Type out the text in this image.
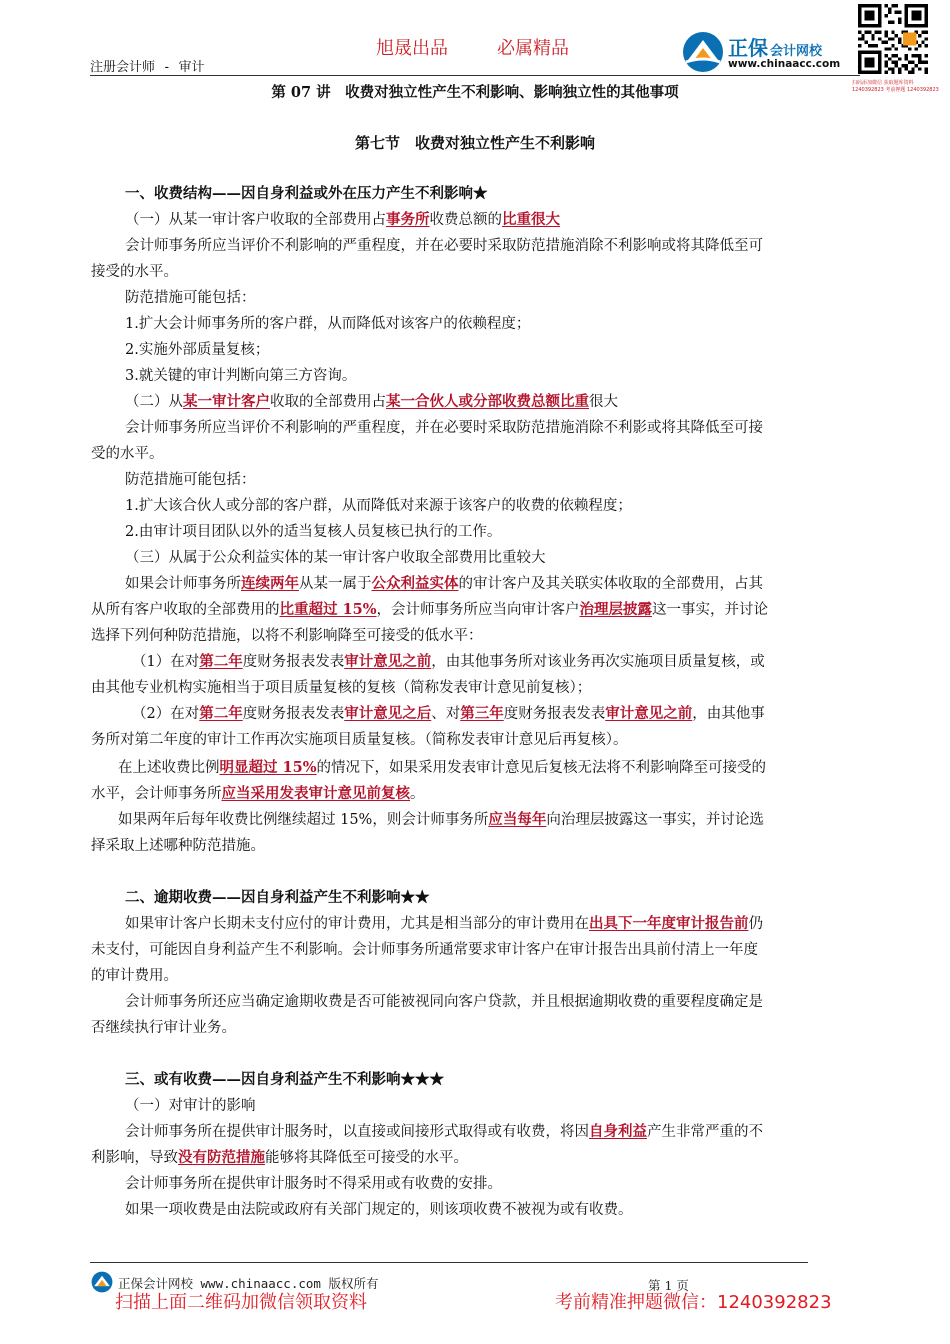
旭晟出品	必属精品
注册会计师 - 审计
正保 会计网校
www.chinaacc.com
扫码添加微信 获取题库资料 1240392823 考前押题 1240392823
第 07 讲　收费对独立性产生不利影响、影响独立性的其他事项
第七节　收费对独立性产生不利影响
一、收费结构——因自身利益或外在压力产生不利影响★
（一）从某一审计客户收取的全部费用占事务所收费总额的比重很大
会计师事务所应当评价不利影响的严重程度，并在必要时采取防范措施消除不利影响或将其降低至可
接受的水平。
防范措施可能包括：
1.扩大会计师事务所的客户群，从而降低对该客户的依赖程度；
2.实施外部质量复核；
3.就关键的审计判断向第三方咨询。
（二）从某一审计客户收取的全部费用占某一合伙人或分部收费总额比重很大
会计师事务所应当评价不利影响的严重程度，并在必要时采取防范措施消除不利影或将其降低至可接
受的水平。
防范措施可能包括：
1.扩大该合伙人或分部的客户群，从而降低对来源于该客户的收费的依赖程度；
2.由审计项目团队以外的适当复核人员复核已执行的工作。
（三）从属于公众利益实体的某一审计客户收取全部费用比重较大
如果会计师事务所连续两年从某一属于公众利益实体的审计客户及其关联实体收取的全部费用，占其
从所有客户收取的全部费用的比重超过 15%，会计师事务所应当向审计客户治理层披露这一事实，并讨论
选择下列何种防范措施，以将不利影响降至可接受的低水平：
（1）在对第二年度财务报表发表审计意见之前，由其他事务所对该业务再次实施项目质量复核，或
由其他专业机构实施相当于项目质量复核的复核（简称发表审计意见前复核）；
（2）在对第二年度财务报表发表审计意见之后、对第三年度财务报表发表审计意见之前，由其他事
务所对第二年度的审计工作再次实施项目质量复核。（简称发表审计意见后再复核）。
在上述收费比例明显超过 15%的情况下，如果采用发表审计意见后复核无法将不利影响降至可接受的
水平，会计师事务所应当采用发表审计意见前复核。
如果两年后每年收费比例继续超过 15%，则会计师事务所应当每年向治理层披露这一事实，并讨论选
择采取上述哪种防范措施。
二、逾期收费——因自身利益产生不利影响★★
如果审计客户长期未支付应付的审计费用，尤其是相当部分的审计费用在出具下一年度审计报告前仍
未支付，可能因自身利益产生不利影响。会计师事务所通常要求审计客户在审计报告出具前付清上一年度
的审计费用。
会计师事务所还应当确定逾期收费是否可能被视同向客户贷款，并且根据逾期收费的重要程度确定是
否继续执行审计业务。
三、或有收费——因自身利益产生不利影响★★★
（一）对审计的影响
会计师事务所在提供审计服务时，以直接或间接形式取得或有收费，将因自身利益产生非常严重的不
利影响，导致没有防范措施能够将其降低至可接受的水平。
会计师事务所在提供审计服务时不得采用或有收费的安排。
如果一项收费是由法院或政府有关部门规定的，则该项收费不被视为或有收费。
正保会计网校 www.chinaacc.com 版权所有	第 1 页
扫描上面二维码加微信领取资料	考前精准押题微信：1240392823
